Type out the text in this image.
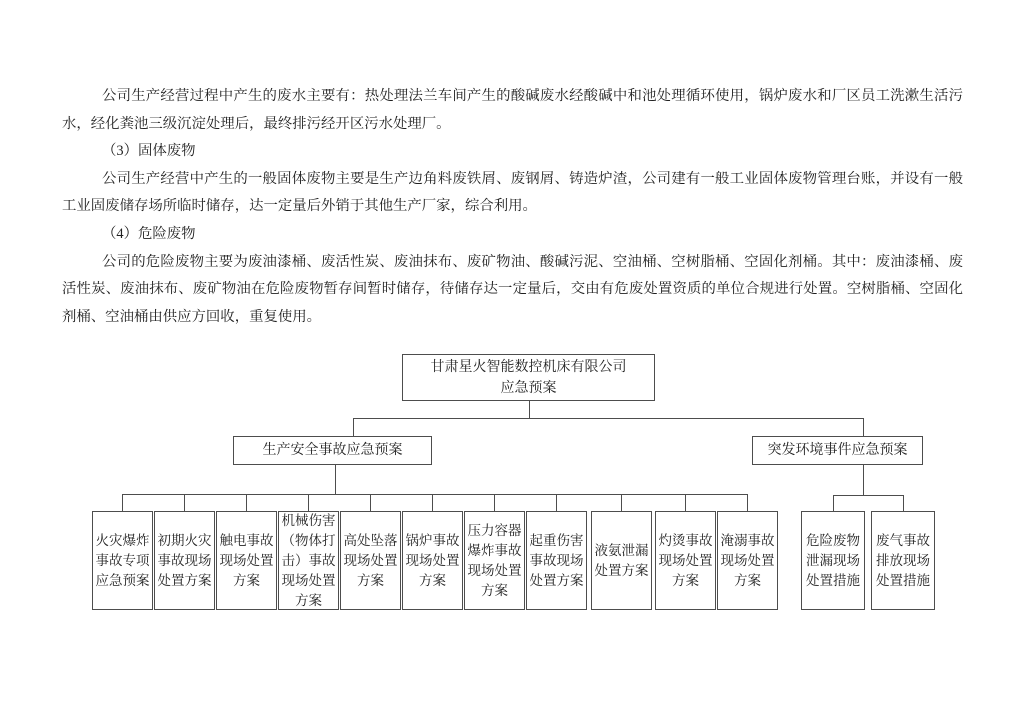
公司生产经营过程中产生的废水主要有：热处理法兰车间产生的酸碱废水经酸碱中和池处理循环使用，锅炉废水和厂区员工洗漱生活污水，经化粪池三级沉淀处理后，最终排污经开区污水处理厂。

（3）固体废物

公司生产经营中产生的一般固体废物主要是生产边角料废铁屑、废钢屑、铸造炉渣，公司建有一般工业固体废物管理台账，并设有一般工业固废储存场所临时储存，达一定量后外销于其他生产厂家，综合利用。

（4）危险废物

公司的危险废物主要为废油漆桶、废活性炭、废油抹布、废矿物油、酸碱污泥、空油桶、空树脂桶、空固化剂桶。其中：废油漆桶、废活性炭、废油抹布、废矿物油在危险废物暂存间暂时储存，待储存达一定量后，交由有危废处置资质的单位合规进行处置。空树脂桶、空固化剂桶、空油桶由供应方回收，重复使用。

甘肃星火智能数控机床有限公司
应急预案
生产安全事故应急预案	突发环境事件应急预案
火灾爆炸事故专项应急预案
初期火灾事故现场处置方案
触电事故现场处置方案
机械伤害（物体打击）事故现场处置方案
高处坠落现场处置方案
锅炉事故现场处置方案
压力容器爆炸事故现场处置方案
起重伤害事故现场处置方案
液氨泄漏处置方案
灼烫事故现场处置方案
淹溺事故现场处置方案
危险废物泄漏现场处置措施
废气事故排放现场处置措施
